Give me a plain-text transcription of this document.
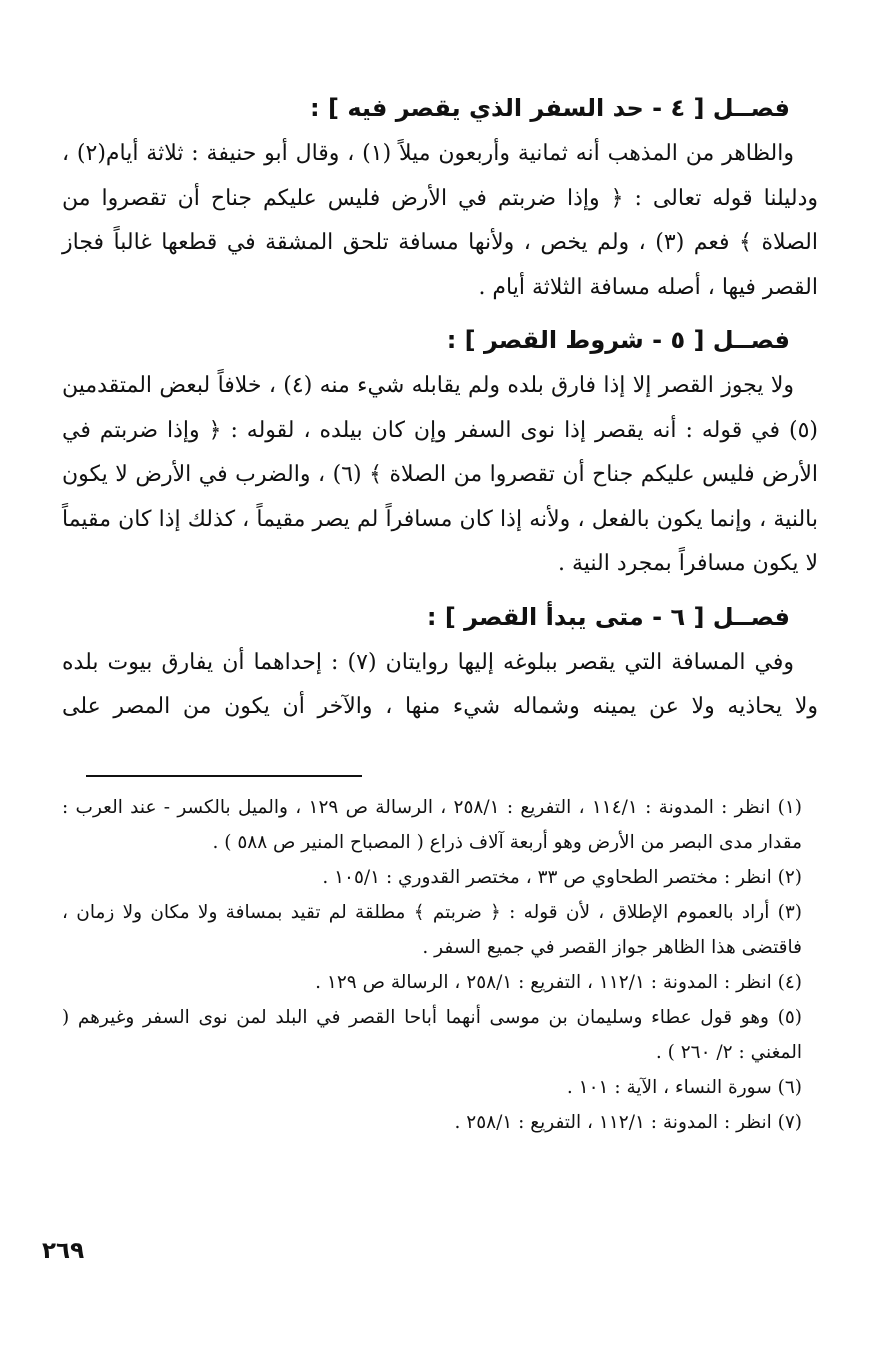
فصــل [ ٤ - حد السفر الذي يقصر فيه ] :

والظاهر من المذهب أنه ثمانية وأربعون ميلاً (١) ، وقال أبو حنيفة : ثلاثة أيام(٢) ، ودليلنا قوله تعالى : ﴿ وإذا ضربتم في الأرض فليس عليكم جناح أن تقصروا من الصلاة ﴾ فعم (٣) ، ولم يخص ، ولأنها مسافة تلحق المشقة في قطعها غالباً فجاز القصر فيها ، أصله مسافة الثلاثة أيام .

فصــل [ ٥ - شروط القصر ] :

ولا يجوز القصر إلا إذا فارق بلده ولم يقابله شيء منه (٤) ، خلافاً لبعض المتقدمين (٥) في قوله : أنه يقصر إذا نوى السفر وإن كان بيلده ، لقوله : ﴿ وإذا ضربتم في الأرض فليس عليكم جناح أن تقصروا من الصلاة ﴾ (٦) ، والضرب في الأرض لا يكون بالنية ، وإنما يكون بالفعل ، ولأنه إذا كان مسافراً لم يصر مقيماً ، كذلك إذا كان مقيماً لا يكون مسافراً بمجرد النية .

فصــل [ ٦ - متى يبدأ القصر ] :

وفي المسافة التي يقصر ببلوغه إليها روايتان (٧) : إحداهما أن يفارق بيوت بلده ولا يحاذيه ولا عن يمينه وشماله شيء منها ، والآخر أن يكون من المصر على

(١) انظر : المدونة : ١١٤/١ ، التفريع : ٢٥٨/١ ، الرسالة ص ١٢٩ ، والميل بالكسر - عند العرب : مقدار مدى البصر من الأرض وهو أربعة آلاف ذراع ( المصباح المنير ص ٥٨٨ ) .

(٢) انظر : مختصر الطحاوي ص ٣٣ ، مختصر القدوري : ١٠٥/١ .

(٣) أراد بالعموم الإطلاق ، لأن قوله : ﴿ ضربتم ﴾ مطلقة لم تقيد بمسافة ولا مكان ولا زمان ، فاقتضى هذا الظاهر جواز القصر في جميع السفر .

(٤) انظر : المدونة : ١١٢/١ ، التفريع : ٢٥٨/١ ، الرسالة ص ١٢٩ .

(٥) وهو قول عطاء وسليمان بن موسى أنهما أباحا القصر في البلد لمن نوى السفر وغيرهم ( المغني : ٢/ ٢٦٠ ) .

(٦) سورة النساء ، الآية : ١٠١ .

(٧) انظر : المدونة : ١١٢/١ ، التفريع : ٢٥٨/١ .

٢٦٩
